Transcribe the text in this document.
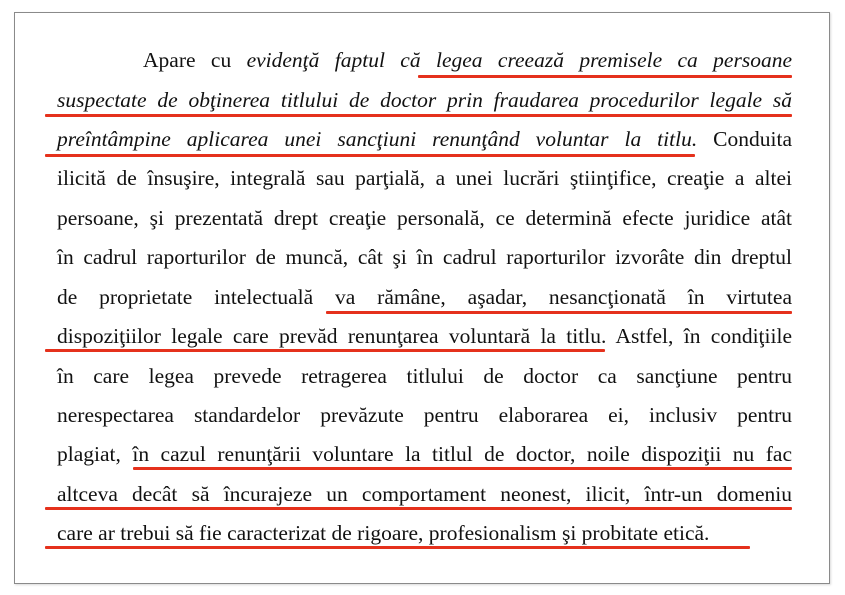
Apare cu evidenţă faptul că legea creează premisele ca persoane
suspectate de obţinerea titlului de doctor prin fraudarea procedurilor legale să
preîntâmpine aplicarea unei sancţiuni renunţând voluntar la titlu. Conduita
ilicită de însuşire, integrală sau parţială, a unei lucrări ştiinţifice, creaţie a altei
persoane, şi prezentată drept creaţie personală, ce determină efecte juridice atât
în cadrul raporturilor de muncă, cât şi în cadrul raporturilor izvorâte din dreptul
de proprietate intelectuală va rămâne, aşadar, nesancţionată în virtutea
dispoziţiilor legale care prevăd renunţarea voluntară la titlu. Astfel, în condiţiile
în care legea prevede retragerea titlului de doctor ca sancţiune pentru
nerespectarea standardelor prevăzute pentru elaborarea ei, inclusiv pentru
plagiat, în cazul renunţării voluntare la titlul de doctor, noile dispoziţii nu fac
altceva decât să încurajeze un comportament neonest, ilicit, într-un domeniu
care ar trebui să fie caracterizat de rigoare, profesionalism şi probitate etică.
